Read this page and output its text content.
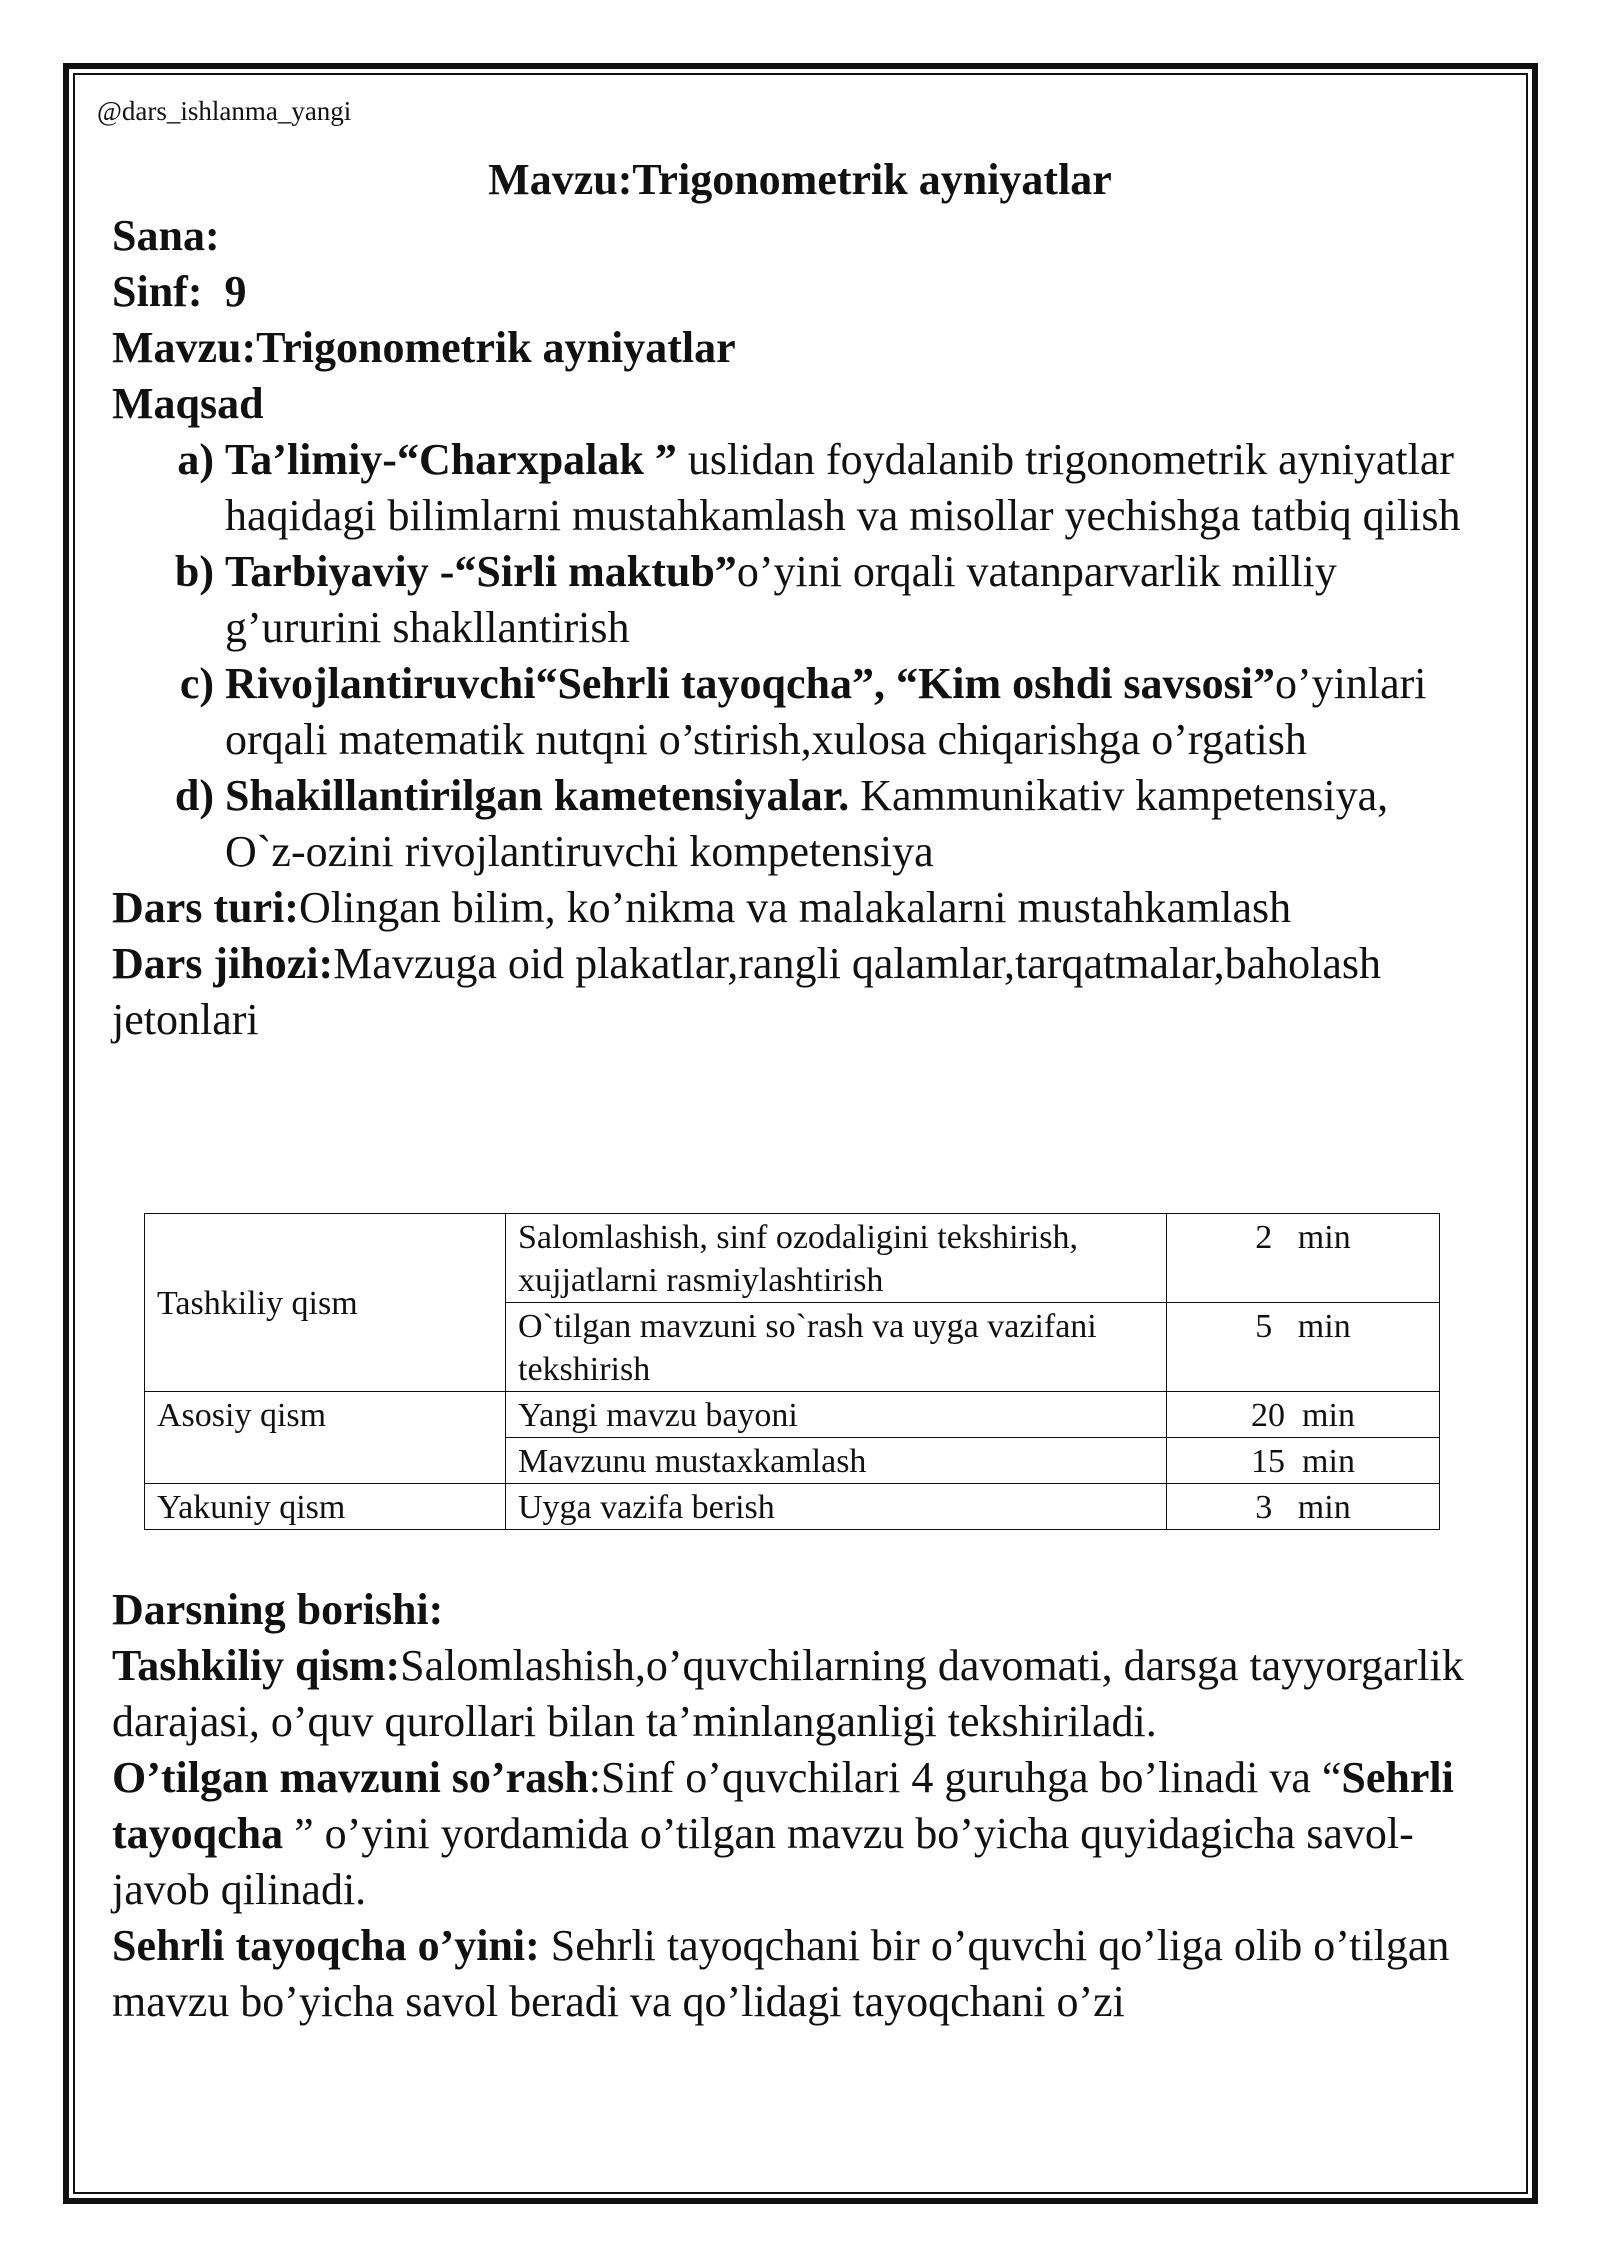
@dars_ishlanma_yangi
Mavzu:Trigonometrik ayniyatlar
Sana:
Sinf: 9
Mavzu:Trigonometrik ayniyatlar
Maqsad
a) Ta’limiy-“Charxpalak ” uslidan foydalanib trigonometrik ayniyatlar haqidagi bilimlarni mustahkamlash va misollar yechishga tatbiq qilish
b) Tarbiyaviy -“Sirli maktub”o’yini orqali vatanparvarlik milliy g’ururini shakllantirish
c) Rivojlantiruvchi“Sehrli tayoqcha”, “Kim oshdi savsosi”o’yinlari orqali matematik nutqni o’stirish,xulosa chiqarishga o’rgatish
d) Shakillantirilgan kametensiyalar. Kammunikativ kampetensiya, O`z-ozini rivojlantiruvchi kompetensiya
Dars turi:Olingan bilim, ko’nikma va malakalarni mustahkamlash
Dars jihozi:Mavzuga oid plakatlar,rangli qalamlar,tarqatmalar,baholash jetonlari
Tashkiliy qism	Salomlashish, sinf ozodaligini tekshirish, xujjatlarni rasmiylashtirish	2   min
	O`tilgan mavzuni so`rash va uyga vazifani tekshirish	5   min
Asosiy qism	Yangi mavzu bayoni	20  min
	Mavzunu mustaxkamlash	15  min
Yakuniy qism	Uyga vazifa berish	3   min
Darsning borishi:
Tashkiliy qism:Salomlashish,o’quvchilarning davomati, darsga tayyorgarlik darajasi, o’quv qurollari bilan ta’minlanganligi tekshiriladi.
O’tilgan mavzuni so’rash:Sinf o’quvchilari 4 guruhga bo’linadi va “Sehrli tayoqcha ” o’yini yordamida o’tilgan mavzu bo’yicha quyidagicha savol-javob qilinadi.
Sehrli tayoqcha o’yini: Sehrli tayoqchani bir o’quvchi qo’liga olib o’tilgan mavzu bo’yicha savol beradi va qo’lidagi tayoqchani o’zi
